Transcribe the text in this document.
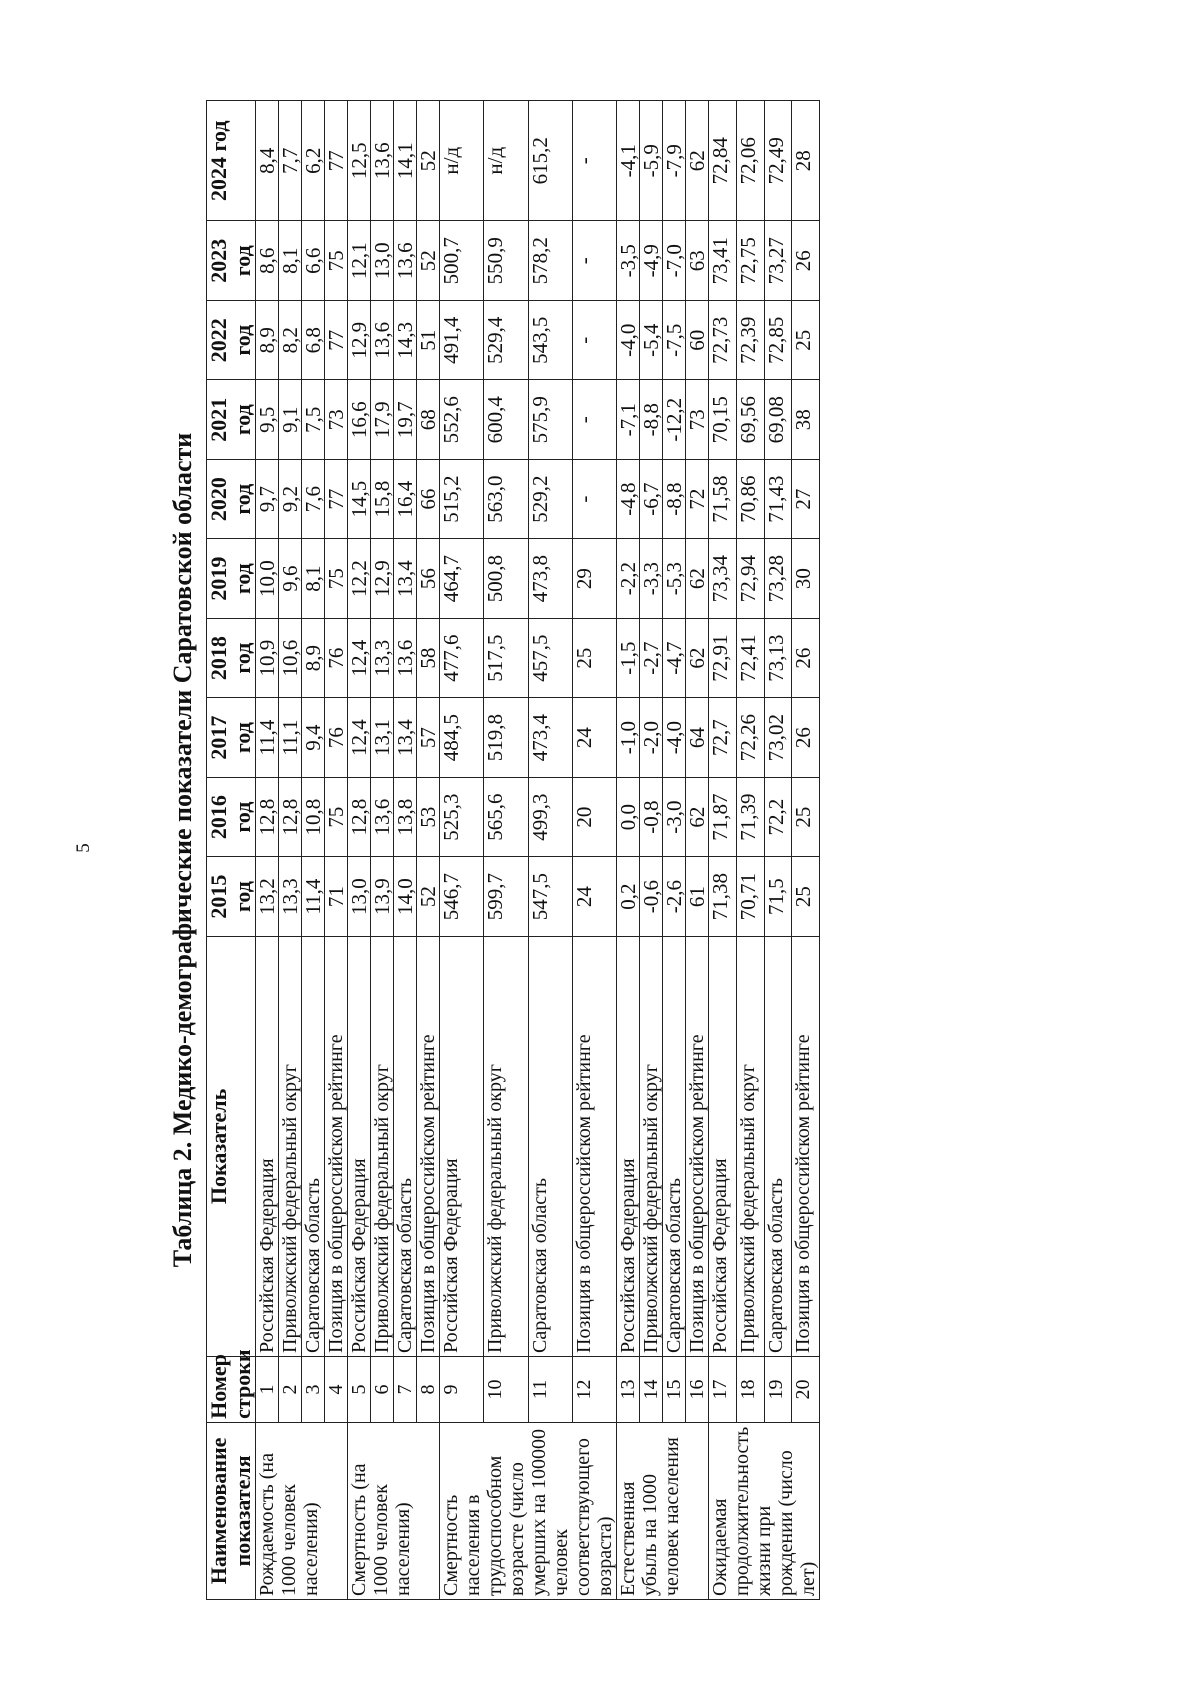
5	Таблица 2. Медико-демографические показатели Саратовской области
Наименование показателя	Номер строки	Показатель	2015 год	2016 год	2017 год	2018 год	2019 год	2020 год	2021 год	2022 год	2023 год	2024 год
Рождаемость (на 1000 человек населения)	1	Российская Федерация	13,2	12,8	11,4	10,9	10,0	9,7	9,5	8,9	8,6	8,4
	2	Приволжский федеральный округ	13,3	12,8	11,1	10,6	9,6	9,2	9,1	8,2	8,1	7,7
	3	Саратовская область	11,4	10,8	9,4	8,9	8,1	7,6	7,5	6,8	6,6	6,2
	4	Позиция в общероссийском рейтинге	71	75	76	76	75	77	73	77	75	77
Смертность (на 1000 человек населения)	5	Российская Федерация	13,0	12,8	12,4	12,4	12,2	14,5	16,6	12,9	12,1	12,5
	6	Приволжский федеральный округ	13,9	13,6	13,1	13,3	12,9	15,8	17,9	13,6	13,0	13,6
	7	Саратовская область	14,0	13,8	13,4	13,6	13,4	16,4	19,7	14,3	13,6	14,1
	8	Позиция в общероссийском рейтинге	52	53	57	58	56	66	68	51	52	52
Смертность населения в трудоспособном возрасте (число умерших на 100000 человек соответствующего возраста)	9	Российская Федерация	546,7	525,3	484,5	477,6	464,7	515,2	552,6	491,4	500,7	н/д
	10	Приволжский федеральный округ	599,7	565,6	519,8	517,5	500,8	563,0	600,4	529,4	550,9	н/д
	11	Саратовская область	547,5	499,3	473,4	457,5	473,8	529,2	575,9	543,5	578,2	615,2
	12	Позиция в общероссийском рейтинге	24	20	24	25	29	-	-	-	-	-
Естественная убыль на 1000 человек населения	13	Российская Федерация	0,2	0,0	-1,0	-1,5	-2,2	-4,8	-7,1	-4,0	-3,5	-4,1
	14	Приволжский федеральный округ	-0,6	-0,8	-2,0	-2,7	-3,3	-6,7	-8,8	-5,4	-4,9	-5,9
	15	Саратовская область	-2,6	-3,0	-4,0	-4,7	-5,3	-8,8	-12,2	-7,5	-7,0	-7,9
	16	Позиция в общероссийском рейтинге	61	62	64	62	62	72	73	60	63	62
Ожидаемая продолжительность жизни при рождении (число лет)	17	Российская Федерация	71,38	71,87	72,7	72,91	73,34	71,58	70,15	72,73	73,41	72,84
	18	Приволжский федеральный округ	70,71	71,39	72,26	72,41	72,94	70,86	69,56	72,39	72,75	72,06
	19	Саратовская область	71,5	72,2	73,02	73,13	73,28	71,43	69,08	72,85	73,27	72,49
	20	Позиция в общероссийском рейтинге	25	25	26	26	30	27	38	25	26	28
